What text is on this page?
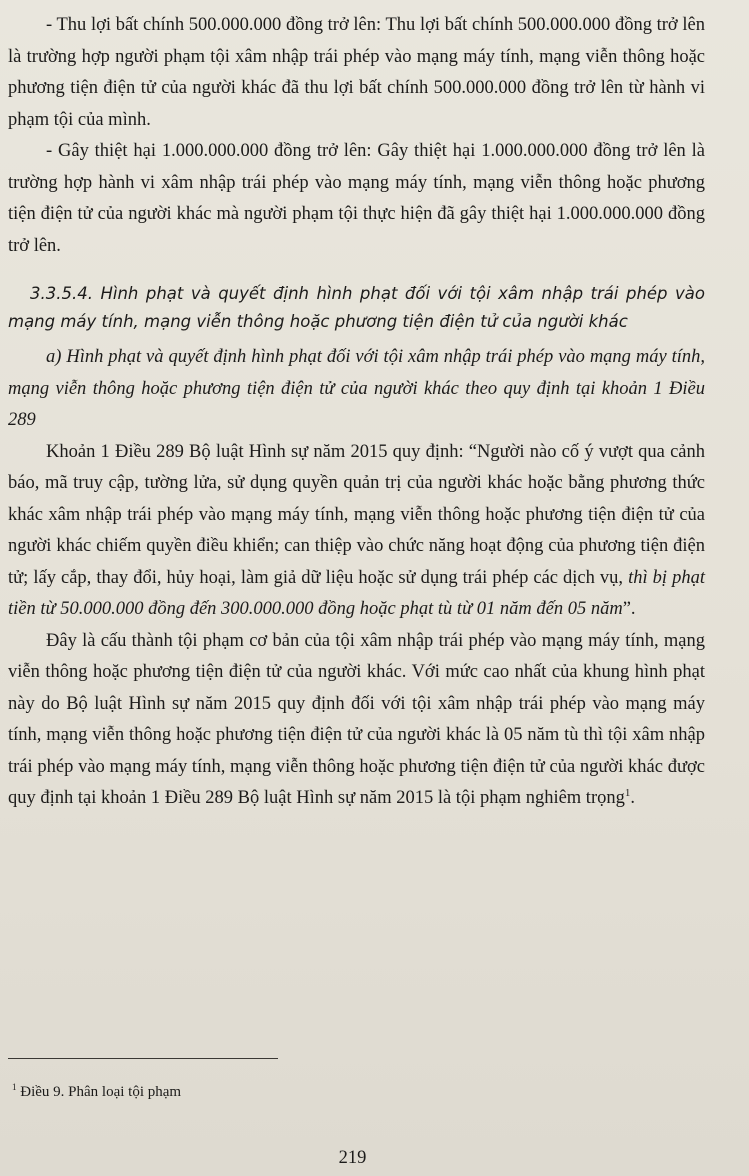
- Thu lợi bất chính 500.000.000 đồng trở lên: Thu lợi bất chính 500.000.000 đồng trở lên là trường hợp người phạm tội xâm nhập trái phép vào mạng máy tính, mạng viễn thông hoặc phương tiện điện tử của người khác đã thu lợi bất chính 500.000.000 đồng trở lên từ hành vi phạm tội của mình.

- Gây thiệt hại 1.000.000.000 đồng trở lên: Gây thiệt hại 1.000.000.000 đồng trở lên là trường hợp hành vi xâm nhập trái phép vào mạng máy tính, mạng viễn thông hoặc phương tiện điện tử của người khác mà người phạm tội thực hiện đã gây thiệt hại 1.000.000.000 đồng trở lên.

3.3.5.4. Hình phạt và quyết định hình phạt đối với tội xâm nhập trái phép vào mạng máy tính, mạng viễn thông hoặc phương tiện điện tử của người khác

a) Hình phạt và quyết định hình phạt đối với tội xâm nhập trái phép vào mạng máy tính, mạng viễn thông hoặc phương tiện điện tử của người khác theo quy định tại khoản 1 Điều 289

Khoản 1 Điều 289 Bộ luật Hình sự năm 2015 quy định: “Người nào cố ý vượt qua cảnh báo, mã truy cập, tường lửa, sử dụng quyền quản trị của người khác hoặc bằng phương thức khác xâm nhập trái phép vào mạng máy tính, mạng viễn thông hoặc phương tiện điện tử của người khác chiếm quyền điều khiển; can thiệp vào chức năng hoạt động của phương tiện điện tử; lấy cắp, thay đổi, hủy hoại, làm giả dữ liệu hoặc sử dụng trái phép các dịch vụ, thì bị phạt tiền từ 50.000.000 đồng đến 300.000.000 đồng hoặc phạt tù từ 01 năm đến 05 năm”.

Đây là cấu thành tội phạm cơ bản của tội xâm nhập trái phép vào mạng máy tính, mạng viễn thông hoặc phương tiện điện tử của người khác. Với mức cao nhất của khung hình phạt này do Bộ luật Hình sự năm 2015 quy định đối với tội xâm nhập trái phép vào mạng máy tính, mạng viễn thông hoặc phương tiện điện tử của người khác là 05 năm tù thì tội xâm nhập trái phép vào mạng máy tính, mạng viễn thông hoặc phương tiện điện tử của người khác được quy định tại khoản 1 Điều 289 Bộ luật Hình sự năm 2015 là tội phạm nghiêm trọng$^1$.

$^1$ Điều 9. Phân loại tội phạm
219
